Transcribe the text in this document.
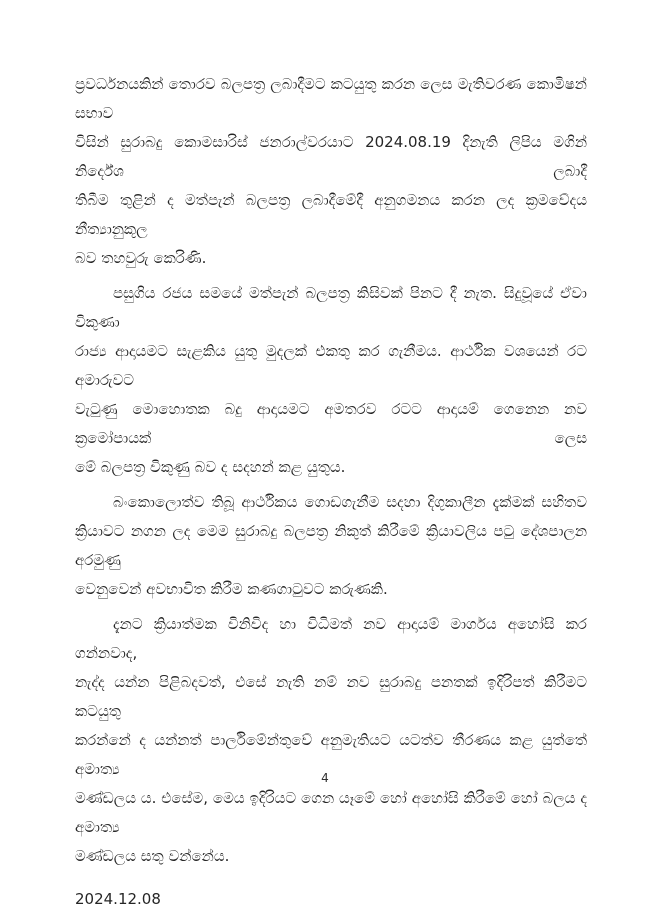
ප්‍රවර්ධනයකින් තොරව බලපත්‍ර ලබාදීමට කටයුතු කරන ලෙස මැතිවරණ කොමිෂන් සභාව
විසින් සුරාබදු කොමසාරිස් ජනරාල්වරයාට 2024.08.19 දිනැති ලිපිය මගින් නිර්දේශ ලබාදී
තිබීම තුළින් ද මත්පැන් බලපත්‍ර ලබාදීමේදී අනුගමනය කරන ලද ක්‍රමවේදය නීත්‍යානුකූල
බව තහවුරු කෙරිණි.

පසුගිය රජය සමයේ මත්පැන් බලපත්‍ර කිසිවක් පිනට දී නැත. සිදුවූයේ ඒවා විකුණා
රාජ්‍ය ආදායමට සැළකිය යුතු මුදලක් එකතු කර ගැනීමය. ආර්ථික වශයෙන් රට අමාරුවට
වැටුණු මොහොතක බදු ආදායමට අමතරව රටට ආදායම් ගෙනෙන නව ක්‍රමෝපායක් ලෙස
මේ බලපත්‍ර විකුණු බව ද සදහන් කළ යුතුය.

බංකොලොත්ව තිබූ ආර්ථිකය ගොඩගැනීම සදහා දිගුකාලීන දැක්මක් සහිතව
ක්‍රියාවට නගන ලද මෙම සුරාබදු බලපත්‍ර නිකුත් කිරීමේ ක්‍රියාවලිය පටු දේශපාලන අරමුණු
වෙනුවෙන් අවභාවිත කිරීම කණගාටුවට කරුණකි.

දැනට ක්‍රියාත්මක විනිවිද හා විධිමත් නව ආදායම් මාර්ගය අහෝසි කර ගන්නවාද,
නැද්ද යන්න පිළිබදවත්, එසේ නැති නම් නව සුරාබදු පනතක් ඉදිරිපත් කිරීමට කටයුතු
කරන්නේ ද යන්නත් පාර්ලිමේන්තුවේ අනුමැතියට යටත්ව තීරණය කළ යුත්තේ අමාත්‍ය
මණ්ඩලය ය. එසේම, මෙය ඉදිරියට ගෙන යෑමේ හෝ අහෝසි කිරීමේ හෝ බලය ද අමාත්‍ය
මණ්ඩලය සතු වන්නේය.

2024.12.08
4
